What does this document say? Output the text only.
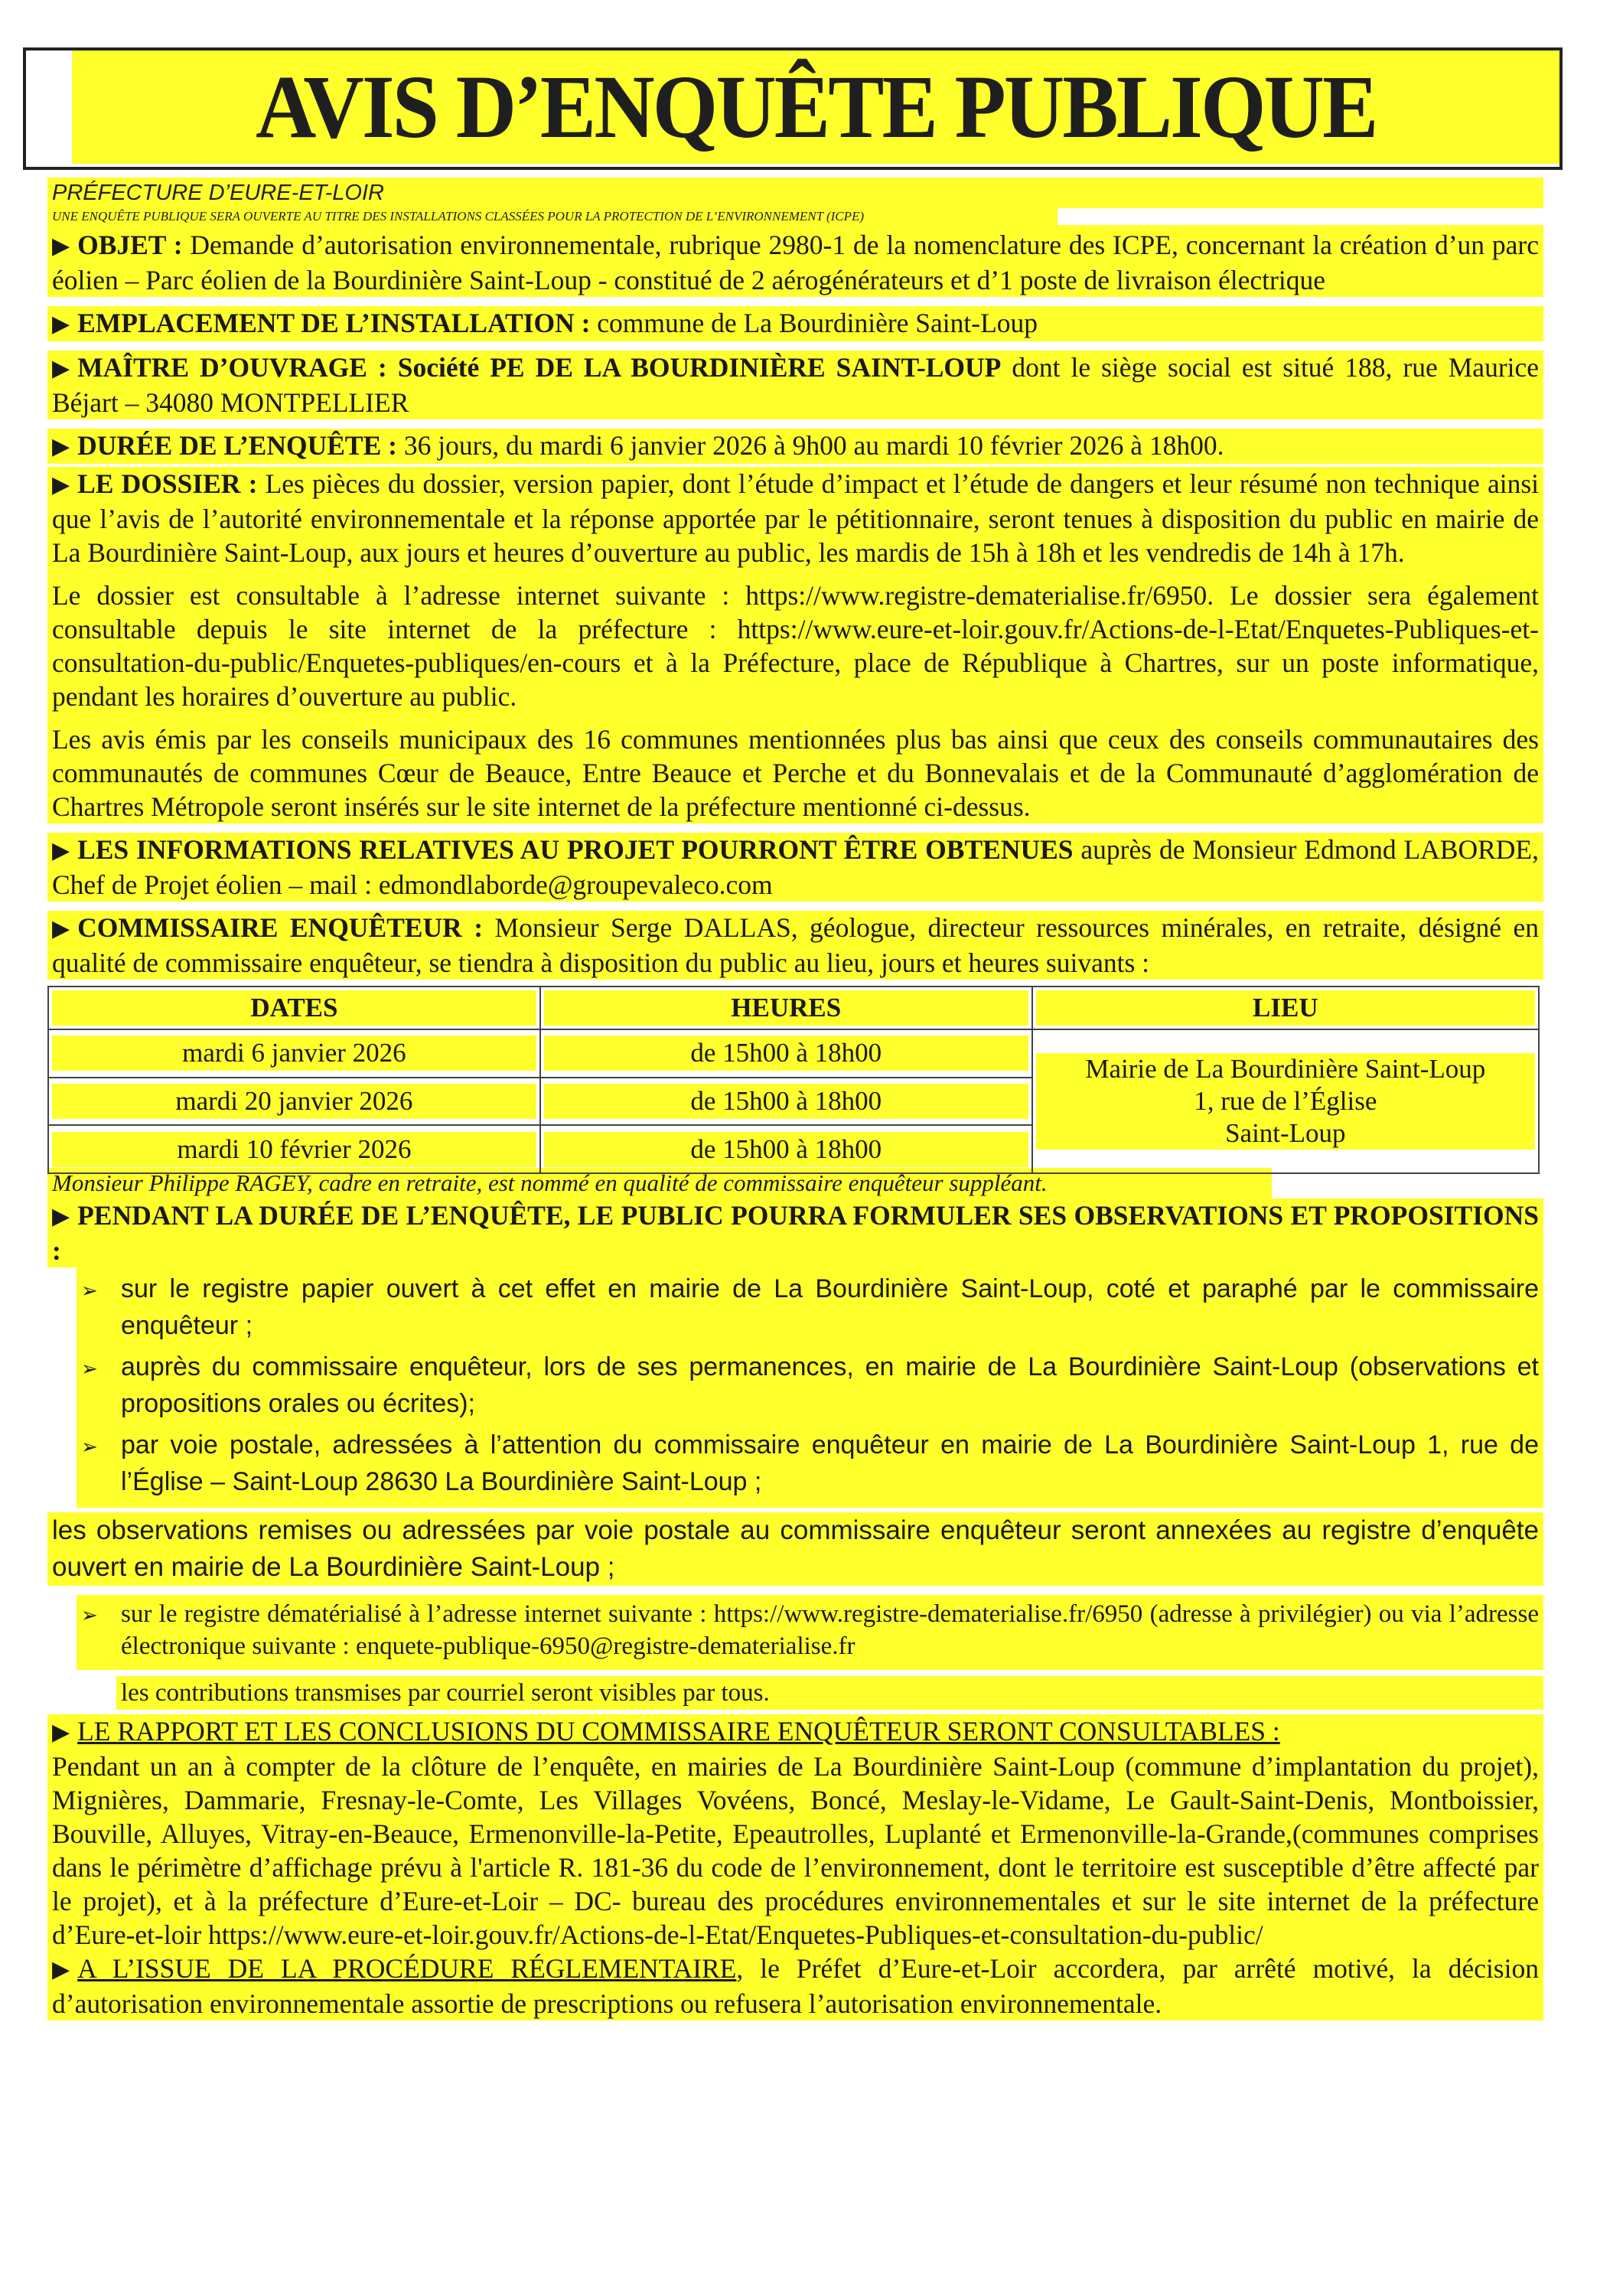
AVIS D’ENQUÊTE PUBLIQUE
PRÉFECTURE D’EURE-ET-LOIR
UNE ENQUÊTE PUBLIQUE SERA OUVERTE AU TITRE DES INSTALLATIONS CLASSÉES POUR LA PROTECTION DE L’ENVIRONNEMENT (ICPE)

▶ OBJET : Demande d’autorisation environnementale, rubrique 2980-1 de la nomenclature des ICPE, concernant la création d’un parc éolien – Parc éolien de la Bourdinière Saint-Loup - constitué de 2 aérogénérateurs et d’1 poste de livraison électrique

▶ EMPLACEMENT DE L’INSTALLATION : commune de La Bourdinière Saint-Loup

▶ MAÎTRE D’OUVRAGE : Société PE DE LA BOURDINIÈRE SAINT-LOUP dont le siège social est situé 188, rue Maurice Béjart – 34080 MONTPELLIER

▶ DURÉE DE L’ENQUÊTE : 36 jours, du mardi 6 janvier 2026 à 9h00 au mardi 10 février 2026 à 18h00.

▶ LE DOSSIER : Les pièces du dossier, version papier, dont l’étude d’impact et l’étude de dangers et leur résumé non technique ainsi que l’avis de l’autorité environnementale et la réponse apportée par le pétitionnaire, seront tenues à disposition du public en mairie de La Bourdinière Saint-Loup, aux jours et heures d’ouverture au public, les mardis de 15h à 18h et les vendredis de 14h à 17h.

Le dossier est consultable à l’adresse internet suivante : https://www.registre-dematerialise.fr/6950. Le dossier sera également consultable depuis le site internet de la préfecture : https://www.eure-et-loir.gouv.fr/Actions-de-l-Etat/Enquetes-Publiques-et-consultation-du-public/Enquetes-publiques/en-cours et à la Préfecture, place de République à Chartres, sur un poste informatique, pendant les horaires d’ouverture au public.

Les avis émis par les conseils municipaux des 16 communes mentionnées plus bas ainsi que ceux des conseils communautaires des communautés de communes Cœur de Beauce, Entre Beauce et Perche et du Bonnevalais et de la Communauté d’agglomération de Chartres Métropole seront insérés sur le site internet de la préfecture mentionné ci-dessus.

▶ LES INFORMATIONS RELATIVES AU PROJET POURRONT ÊTRE OBTENUES auprès de Monsieur Edmond LABORDE, Chef de Projet éolien – mail : edmondlaborde@groupevaleco.com

▶ COMMISSAIRE ENQUÊTEUR : Monsieur Serge DALLAS, géologue, directeur ressources minérales, en retraite, désigné en qualité de commissaire enquêteur, se tiendra à disposition du public au lieu, jours et heures suivants :

DATES	HEURES	LIEU

mardi 6 janvier 2026	de 15h00 à 18h00	Mairie de La Bourdinière Saint-Loup
1, rue de l’Église
Saint-Loup

mardi 20 janvier 2026	de 15h00 à 18h00	

mardi 10 février 2026	de 15h00 à 18h00	
Monsieur Philippe RAGEY, cadre en retraite, est nommé en qualité de commissaire enquêteur suppléant.

▶ PENDANT LA DURÉE DE L’ENQUÊTE, LE PUBLIC POURRA FORMULER SES OBSERVATIONS ET PROPOSITIONS :

➢ sur le registre papier ouvert à cet effet en mairie de La Bourdinière Saint-Loup, coté et paraphé par le commissaire enquêteur ;
➢ auprès du commissaire enquêteur, lors de ses permanences, en mairie de La Bourdinière Saint-Loup (observations et propositions orales ou écrites);
➢ par voie postale, adressées à l’attention du commissaire enquêteur en mairie de La Bourdinière Saint-Loup 1, rue de l’Église – Saint-Loup 28630 La Bourdinière Saint-Loup ;
les observations remises ou adressées par voie postale au commissaire enquêteur seront annexées au registre d’enquête ouvert en mairie de La Bourdinière Saint-Loup ;
➢ sur le registre dématérialisé à l’adresse internet suivante : https://www.registre-dematerialise.fr/6950 (adresse à privilégier) ou via l’adresse électronique suivante : enquete-publique-6950@registre-dematerialise.fr

les contributions transmises par courriel seront visibles par tous.

▶ LE RAPPORT ET LES CONCLUSIONS DU COMMISSAIRE ENQUÊTEUR SERONT CONSULTABLES :

Pendant un an à compter de la clôture de l’enquête, en mairies de La Bourdinière Saint-Loup (commune d’implantation du projet), Mignières, Dammarie, Fresnay-le-Comte, Les Villages Vovéens, Boncé, Meslay-le-Vidame, Le Gault-Saint-Denis, Montboissier, Bouville, Alluyes, Vitray-en-Beauce, Ermenonville-la-Petite, Epeautrolles, Luplanté et Ermenonville-la-Grande,(communes comprises dans le périmètre d’affichage prévu à l'article R. 181-36 du code de l’environnement, dont le territoire est susceptible d’être affecté par le projet), et à la préfecture d’Eure-et-Loir – DC- bureau des procédures environnementales et sur le site internet de la préfecture d’Eure-et-loir https://www.eure-et-loir.gouv.fr/Actions-de-l-Etat/Enquetes-Publiques-et-consultation-du-public/

▶ A L’ISSUE DE LA PROCÉDURE RÉGLEMENTAIRE, le Préfet d’Eure-et-Loir accordera, par arrêté motivé, la décision d’autorisation environnementale assortie de prescriptions ou refusera l’autorisation environnementale.
